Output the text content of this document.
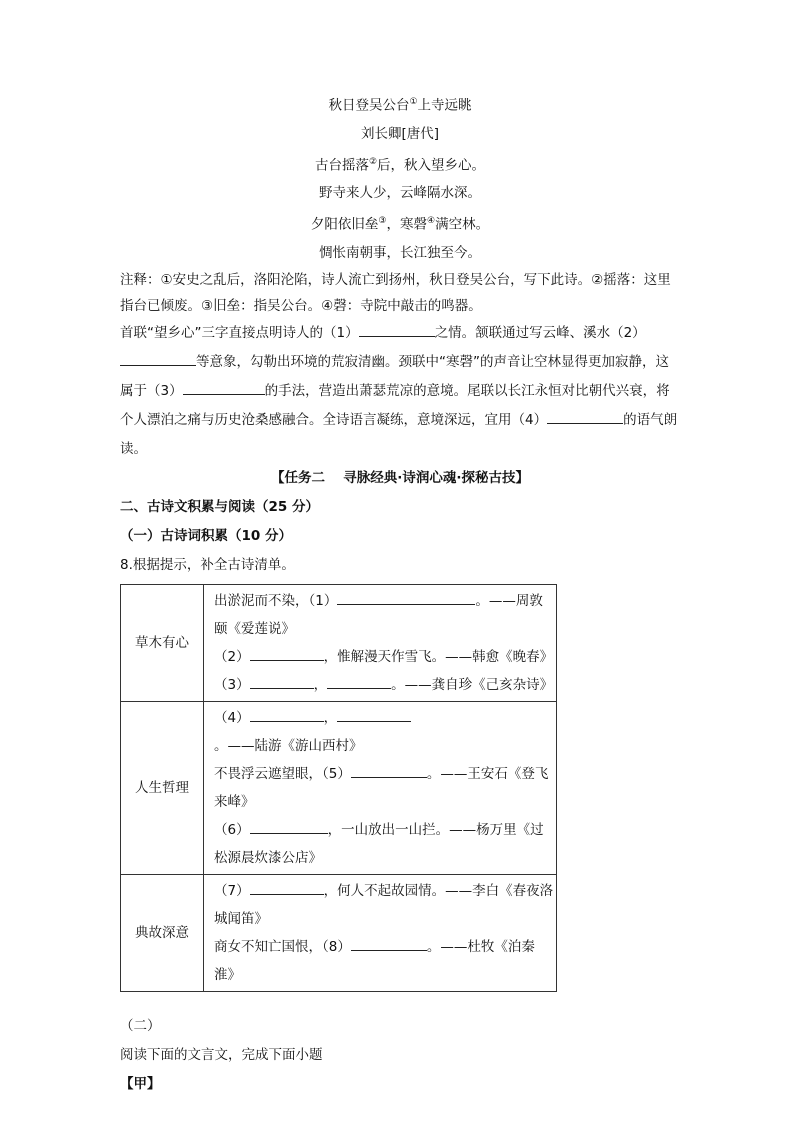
秋日登吴公台①上寺远眺

刘长卿[唐代]

古台摇落②后，秋入望乡心。

野寺来人少，云峰隔水深。

夕阳依旧垒③，寒磬④满空林。

惆怅南朝事，长江独至今。

注释：①安史之乱后，洛阳沦陷，诗人流亡到扬州，秋日登吴公台，写下此诗。②摇落：这里指台已倾废。③旧垒：指吴公台。④磬：寺院中敲击的鸣器。

首联“望乡心”三字直接点明诗人的（1）	之情。颔联通过写云峰、溪水（2）等意象，勾勒出环境的荒寂清幽。颈联中“寒磬”的声音让空林显得更加寂静，这属于（3）	的手法，营造出萧瑟荒凉的意境。尾联以长江永恒对比朝代兴衰，将个人漂泊之痛与历史沧桑感融合。全诗语言凝练，意境深远，宜用（4）	的语气朗读。

【任务二　 寻脉经典·诗润心魂·探秘古技】

二、古诗文积累与阅读（25 分）

（一）古诗词积累（10 分）

8.根据提示，补全古诗清单。

草木有心	出淤泥而不染，（1） 。——周敦颐《爱莲说》
（2） ，惟解漫天作雪飞。——韩愈《晚春》
（3） ， 。——龚自珍《己亥杂诗》

人生哲理	（4） ，。——陆游《游山西村》
不畏浮云遮望眼，（5） 。——王安石《登飞来峰》
（6） ，一山放出一山拦。——杨万里《过松源晨炊漆公店》

典故深意	（7） ，何人不起故园情。——李白《春夜洛城闻笛》
商女不知亡国恨，（8） 。——杜牧《泊秦淮》

（二）

阅读下面的文言文，完成下面小题

【甲】
